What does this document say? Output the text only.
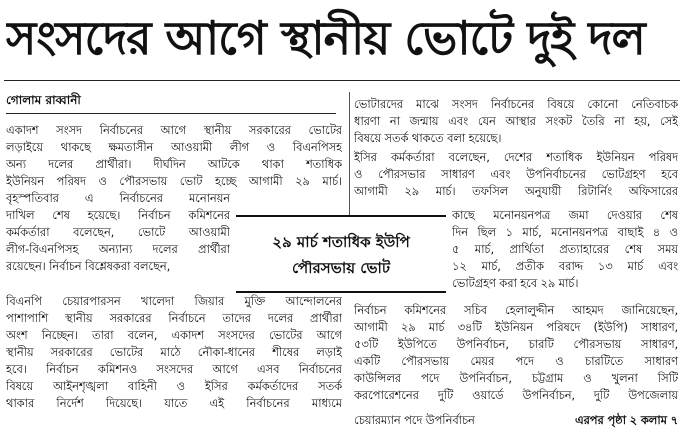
সংসদের আগে স্থানীয় ভোটে দুই দল
গোলাম রাব্বানী
একাদশ সংসদ নির্বাচনের আগে স্থানীয় সরকারের ভোটের
লড়াইয়ে থাকছে ক্ষমতাসীন আওয়ামী লীগ ও বিএনপিসহ
অন্য দলের প্রার্থীরা। দীর্ঘদিন আটকে থাকা শতাধিক
ইউনিয়ন পরিষদ ও পৌরসভায় ভোট হচ্ছে আগামী ২৯ মার্চ।
বৃহস্পতিবার এ নির্বাচনের মনোনয়ন
দাখিল শেষ হয়েছে। নির্বাচন কমিশনের
কর্মকর্তারা বলেছেন, ভোটে আওয়ামী
লীগ-বিএনপিসহ অন্যান্য দলের প্রার্থীরা
রয়েছেন। নির্বাচন বিশ্লেষকরা বলছেন,
ভোটারদের মাঝে সংসদ নির্বাচনের বিষয়ে কোনো নেতিবাচক
ধারণা না জন্মায় এবং যেন আস্থার সংকট তৈরি না হয়, সেই
বিষয়ে সতর্ক থাকতে বলা হয়েছে।
ইসির কর্মকর্তারা বলেছেন, দেশের শতাধিক ইউনিয়ন পরিষদ
ও পৌরসভার সাধারণ এবং উপনির্বাচনের ভোটগ্রহণ হবে
আগামী ২৯ মার্চ। তফসিল অনুযায়ী রিটার্নিং অফিসারের
কাছে মনোনয়নপত্র জমা দেওয়ার শেষ
দিন ছিল ১ মার্চ, মনোনয়নপত্র বাছাই ৪ ও
৫ মার্চ, প্রার্থিতা প্রত্যাহারের শেষ সময়
১২ মার্চ, প্রতীক বরাদ্দ ১৩ মার্চ এবং
ভোটগ্রহণ করা হবে ২৯ মার্চ।
২৯ মার্চ শতাধিক ইউপি
পৌরসভায় ভোট
বিএনপি চেয়ারপারসন খালেদা জিয়ার মুক্তি আন্দোলনের
পাশাপাশি স্থানীয় সরকারের নির্বাচনে তাদের দলের প্রার্থীরা
অংশ নিচ্ছেন। তারা বলেন, একাদশ সংসদের ভোটের আগে
স্থানীয় সরকারের ভোটের মাঠে নৌকা-ধানের শীষের লড়াই
হবে। নির্বাচন কমিশনও সংসদের আগে এসব নির্বাচনের
বিষয়ে আইনশৃঙ্খলা বাহিনী ও ইসির কর্মকর্তাদের সতর্ক
থাকার নির্দেশ দিয়েছে। যাতে এই নির্বাচনের মাধ্যমে
নির্বাচন কমিশনের সচিব হেলালুদ্দীন আহমদ জানিয়েছেন,
আগামী ২৯ মার্চ ৩৪টি ইউনিয়ন পরিষদে (ইউপি) সাধারণ,
৫৩টি ইউপিতে উপনির্বাচন, চারটি পৌরসভায় সাধারণ,
একটি পৌরসভায় মেয়র পদে ও চারটিতে সাধারণ
কাউন্সিলর পদে উপনির্বাচন, চট্টগ্রাম ও খুলনা সিটি
করপোরেশনের দুটি ওয়ার্ডে উপনির্বাচন, দুটি উপজেলায়
চেয়ারম্যান পদে উপনির্বাচন	এরপর পৃষ্ঠা ২ কলাম ৭
